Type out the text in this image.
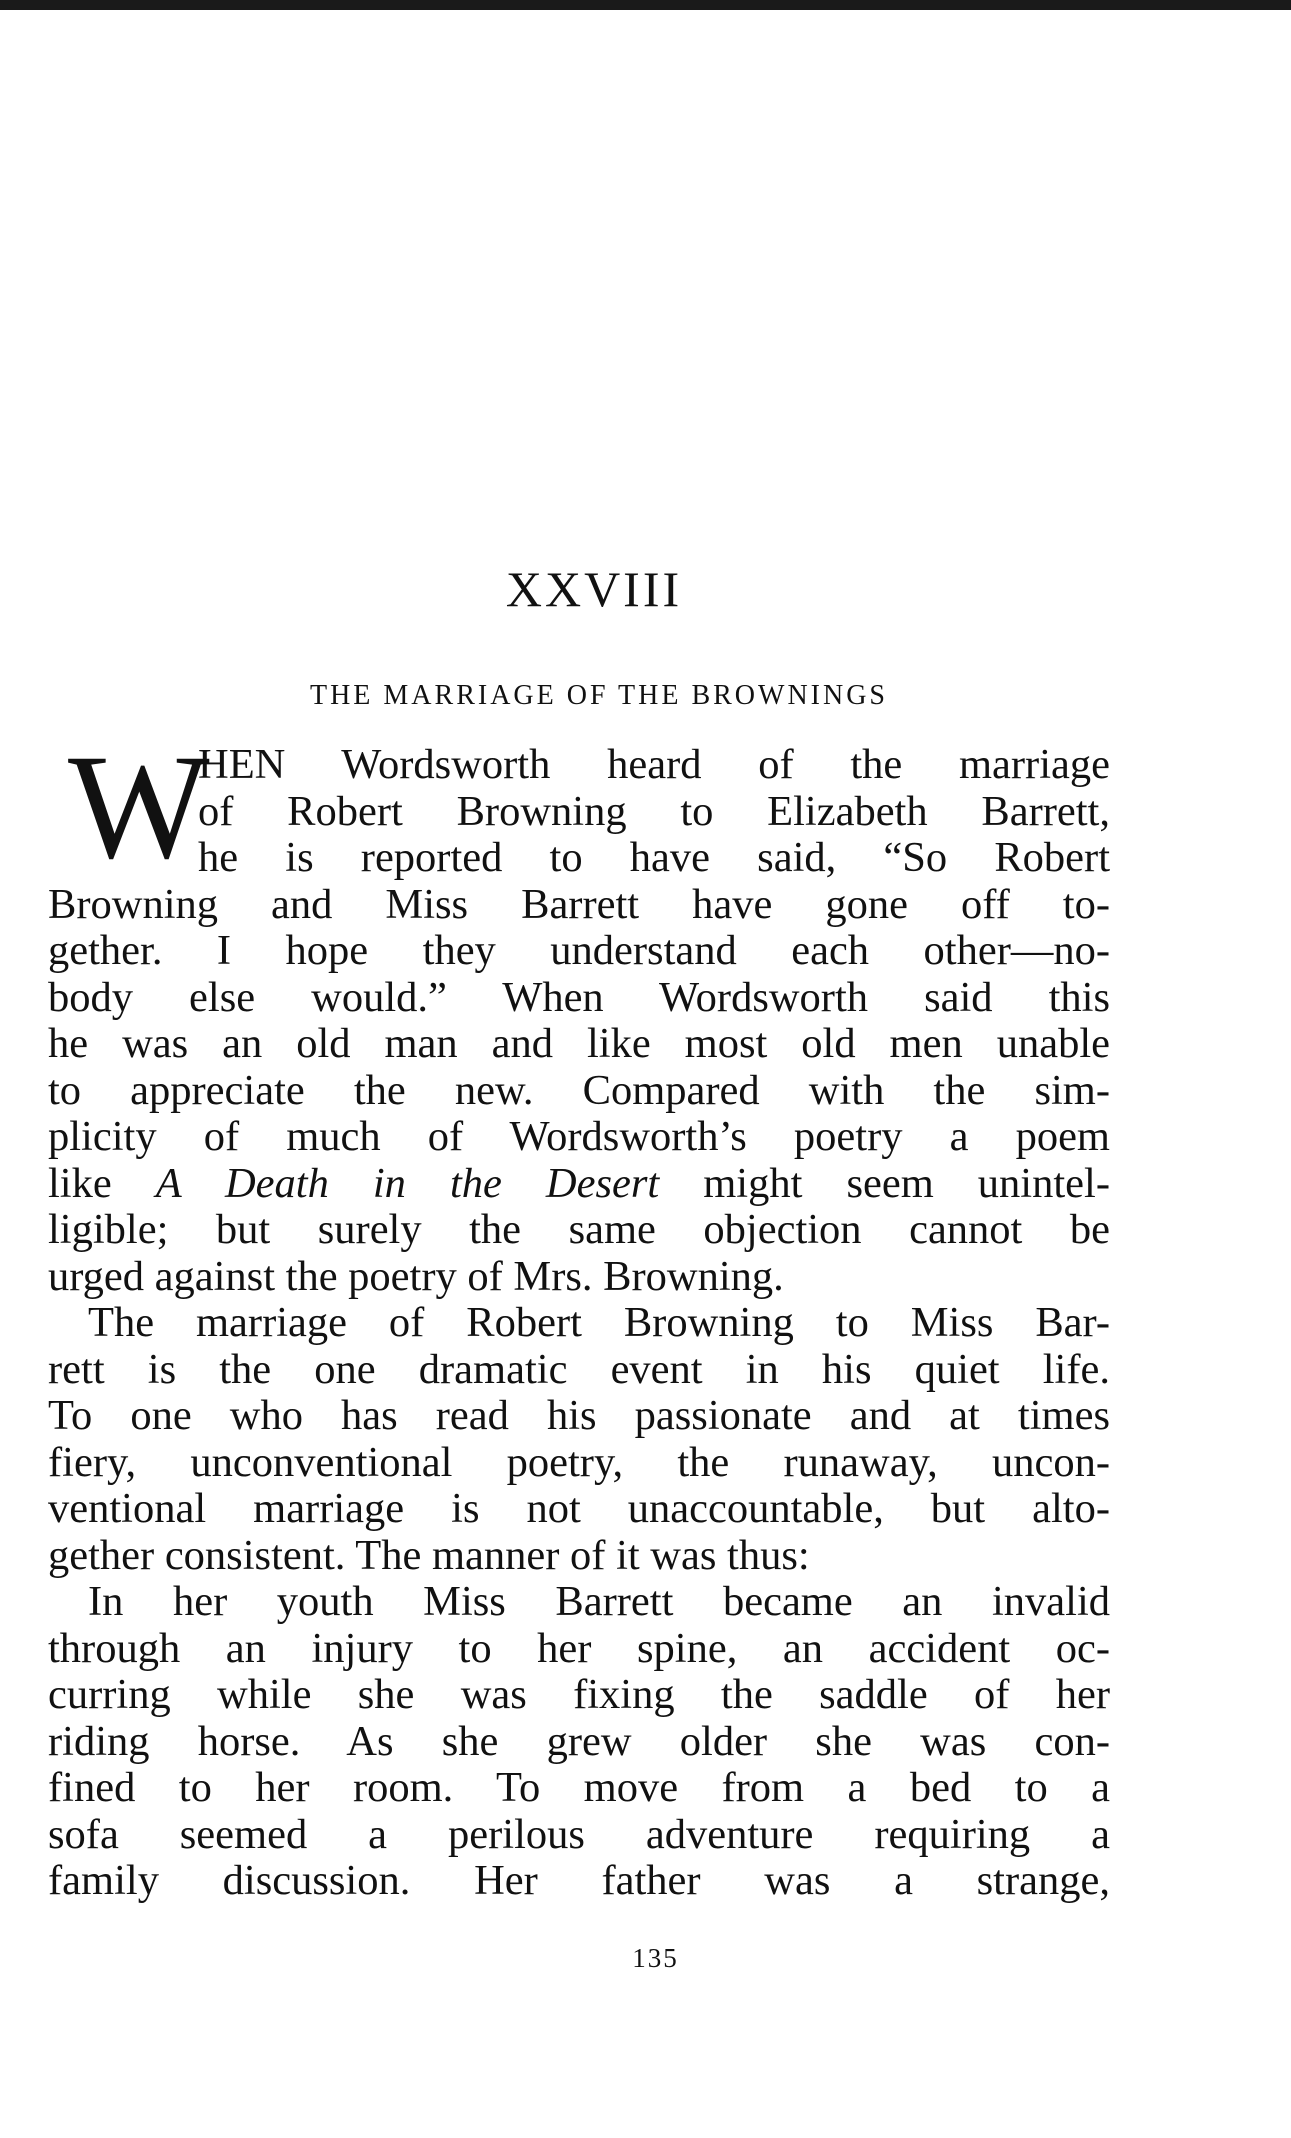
XXVIII
THE MARRIAGE OF THE BROWNINGS
W
HEN Wordsworth heard of the marriage
of Robert Browning to Elizabeth Barrett,
he is reported to have said, “So Robert
Browning and Miss Barrett have gone off to-
gether. I hope they understand each other—no-
body else would.” When Wordsworth said this
he was an old man and like most old men unable
to appreciate the new. Compared with the sim-
plicity of much of Wordsworth’s poetry a poem
like A Death in the Desert might seem unintel-
ligible; but surely the same objection cannot be
urged against the poetry of Mrs. Browning.
The marriage of Robert Browning to Miss Bar-
rett is the one dramatic event in his quiet life.
To one who has read his passionate and at times
fiery, unconventional poetry, the runaway, uncon-
ventional marriage is not unaccountable, but alto-
gether consistent. The manner of it was thus:
In her youth Miss Barrett became an invalid
through an injury to her spine, an accident oc-
curring while she was fixing the saddle of her
riding horse. As she grew older she was con-
fined to her room. To move from a bed to a
sofa seemed a perilous adventure requiring a
family discussion. Her father was a strange,
135
